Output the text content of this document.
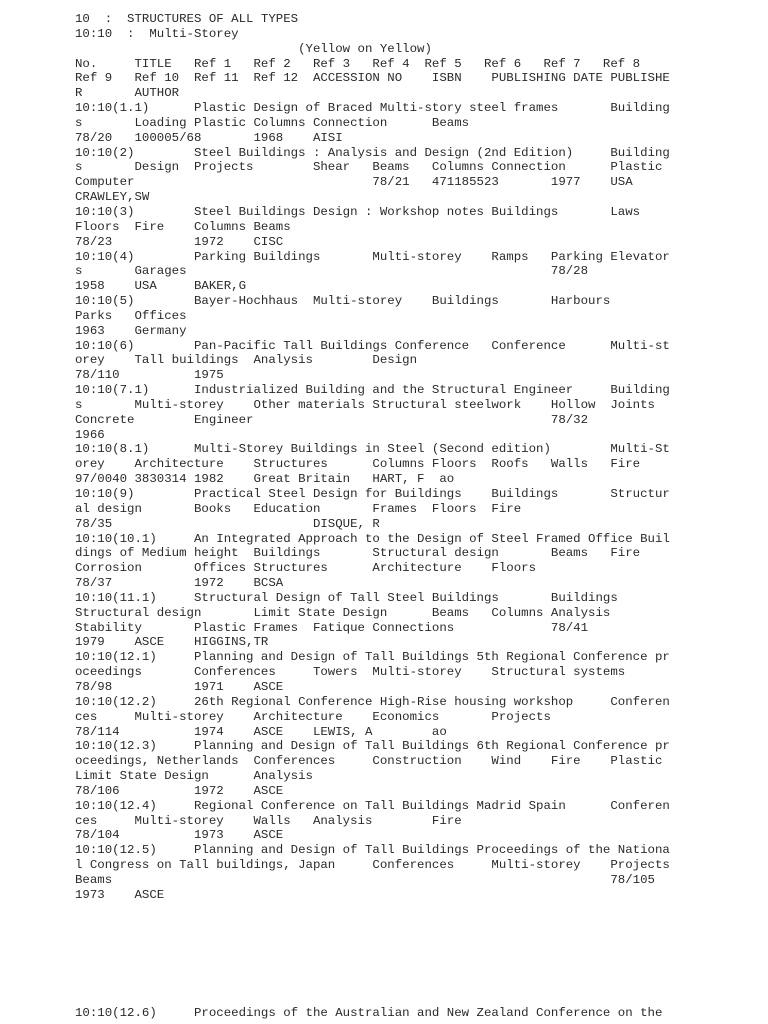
10  :  STRUCTURES OF ALL TYPES
10:10  :  Multi-Storey
(Yellow on Yellow)
No.     TITLE   Ref 1   Ref 2   Ref 3   Ref 4  Ref 5   Ref 6   Ref 7   Ref 8
Ref 9   Ref 10  Ref 11  Ref 12  ACCESSION NO    ISBN    PUBLISHING DATE PUBLISHE
R       AUTHOR
10:10(1.1)      Plastic Design of Braced Multi-story steel frames       Building
s       Loading Plastic Columns Connection      Beams
78/20   100005/68       1968    AISI
10:10(2)        Steel Buildings : Analysis and Design (2nd Edition)     Building
s       Design  Projects        Shear   Beams   Columns Connection      Plastic
Computer                                78/21   471185523       1977    USA
CRAWLEY,SW
10:10(3)        Steel Buildings Design : Workshop notes Buildings       Laws
Floors  Fire    Columns Beams
78/23           1972    CISC
10:10(4)        Parking Buildings       Multi-storey    Ramps   Parking Elevator
s       Garages                                                 78/28
1958    USA     BAKER,G
10:10(5)        Bayer-Hochhaus  Multi-storey    Buildings       Harbours
Parks   Offices
1963    Germany
10:10(6)        Pan-Pacific Tall Buildings Conference   Conference      Multi-st
orey    Tall buildings  Analysis        Design
78/110          1975
10:10(7.1)      Industrialized Building and the Structural Engineer     Building
s       Multi-storey    Other materials Structural steelwork    Hollow  Joints
Concrete        Engineer                                        78/32
1966
10:10(8.1)      Multi-Storey Buildings in Steel (Second edition)        Multi-St
orey    Architecture    Structures      Columns Floors  Roofs   Walls   Fire
97/0040 3830314 1982    Great Britain   HART, F  ao
10:10(9)        Practical Steel Design for Buildings    Buildings       Structur
al design       Books   Education       Frames  Floors  Fire
78/35                           DISQUE, R
10:10(10.1)     An Integrated Approach to the Design of Steel Framed Office Buil
dings of Medium height  Buildings       Structural design       Beams   Fire
Corrosion       Offices Structures      Architecture    Floors
78/37           1972    BCSA
10:10(11.1)     Structural Design of Tall Steel Buildings       Buildings
Structural design       Limit State Design      Beams   Columns Analysis
Stability       Plastic Frames  Fatique Connections             78/41
1979    ASCE    HIGGINS,TR
10:10(12.1)     Planning and Design of Tall Buildings 5th Regional Conference pr
oceedings       Conferences     Towers  Multi-storey    Structural systems
78/98           1971    ASCE
10:10(12.2)     26th Regional Conference High-Rise housing workshop     Conferen
ces     Multi-storey    Architecture    Economics       Projects
78/114          1974    ASCE    LEWIS, A        ao
10:10(12.3)     Planning and Design of Tall Buildings 6th Regional Conference pr
oceedings, Netherlands  Conferences     Construction    Wind    Fire    Plastic
Limit State Design      Analysis
78/106          1972    ASCE
10:10(12.4)     Regional Conference on Tall Buildings Madrid Spain      Conferen
ces     Multi-storey    Walls   Analysis        Fire
78/104          1973    ASCE
10:10(12.5)     Planning and Design of Tall Buildings Proceedings of the Nationa
l Congress on Tall buildings, Japan     Conferences     Multi-storey    Projects
Beams                                                                   78/105
1973    ASCE

10:10(12.6)     Proceedings of the Australian and New Zealand Conference on the
